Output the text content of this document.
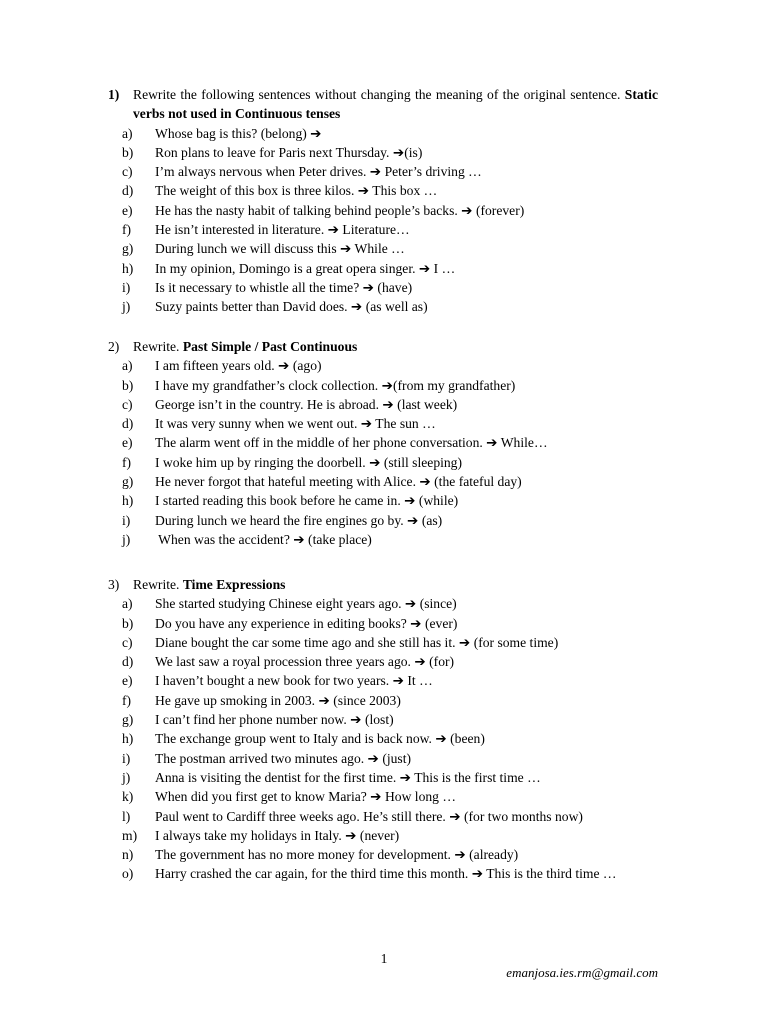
1)	Rewrite the following sentences without changing the meaning of the original sentence. Static verbs not used in Continuous tenses
a)	Whose bag is this? (belong) ➔
b)	Ron plans to leave for Paris next Thursday. ➔(is)
c)	I’m always nervous when Peter drives. ➔ Peter’s driving …
d)	The weight of this box is three kilos. ➔ This box …
e)	He has the nasty habit of talking behind people’s backs. ➔ (forever)
f)	He isn’t interested in literature. ➔ Literature…
g)	During lunch we will discuss this ➔ While …
h)	In my opinion, Domingo is a great opera singer. ➔ I …
i)	Is it necessary to whistle all the time? ➔ (have)
j)	Suzy paints better than David does. ➔ (as well as)
2)	Rewrite. Past Simple / Past Continuous
a)	I am fifteen years old. ➔ (ago)
b)	I have my grandfather’s clock collection. ➔(from my grandfather)
c)	George isn’t in the country. He is abroad. ➔ (last week)
d)	It was very sunny when we went out. ➔ The sun …
e)	The alarm went off in the middle of her phone conversation. ➔ While…
f)	I woke him up by ringing the doorbell. ➔ (still sleeping)
g)	He never forgot that hateful meeting with Alice. ➔ (the fateful day)
h)	I started reading this book before he came in. ➔ (while)
i)	During lunch we heard the fire engines go by. ➔ (as)
j)	When was the accident? ➔ (take place)
3)	Rewrite. Time Expressions
a)	She started studying Chinese eight years ago. ➔ (since)
b)	Do you have any experience in editing books? ➔ (ever)
c)	Diane bought the car some time ago and she still has it. ➔ (for some time)
d)	We last saw a royal procession three years ago. ➔ (for)
e)	I haven’t bought a new book for two years. ➔ It …
f)	He gave up smoking in 2003. ➔ (since 2003)
g)	I can’t find her phone number now. ➔ (lost)
h)	The exchange group went to Italy and is back now. ➔ (been)
i)	The postman arrived two minutes ago. ➔ (just)
j)	Anna is visiting the dentist for the first time. ➔ This is the first time …
k)	When did you first get to know Maria? ➔ How long …
l)	Paul went to Cardiff three weeks ago. He’s still there. ➔ (for two months now)
m)	I always take my holidays in Italy. ➔ (never)
n)	The government has no more money for development. ➔ (already)
o)	Harry crashed the car again, for the third time this month. ➔ This is the third time …
1
emanjosa.ies.rm@gmail.com
